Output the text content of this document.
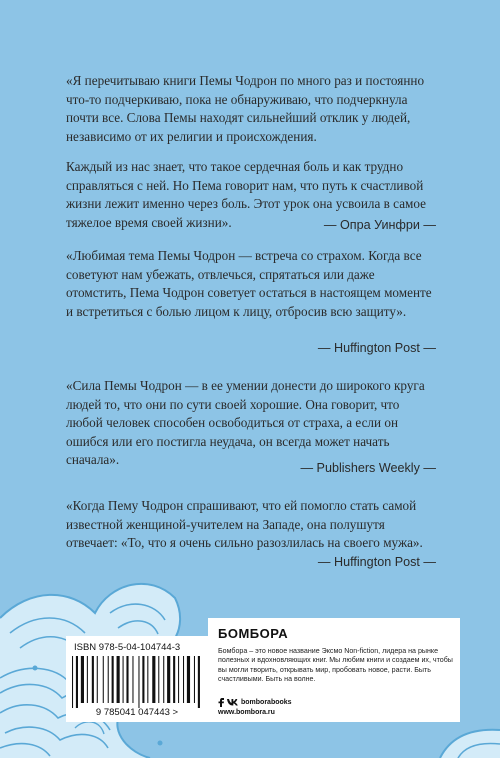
«Я перечитываю книги Пемы Чодрон по много раз и постоянно что-то подчеркиваю, пока не обнаруживаю, что подчеркнула почти все. Слова Пемы находят сильнейший отклик у людей, независимо от их религии и происхождения.

Каждый из нас знает, что такое сердечная боль и как трудно справляться с ней. Но Пема говорит нам, что путь к счастливой жизни лежит именно через боль. Этот урок она усвоила в самое тяжелое время своей жизни».	— Опра Уинфри —

«Любимая тема Пемы Чодрон — встреча со страхом. Когда все советуют нам убежать, отвлечься, спрятаться или даже отомстить, Пема Чодрон советует остаться в настоящем моменте и встретиться с болью лицом к лицу, отбросив всю защиту».

— Huffington Post —

«Сила Пемы Чодрон — в ее умении донести до широкого круга людей то, что они по сути своей хорошие. Она говорит, что любой человек способен освободиться от страха, а если он ошибся или его постигла неудача, он всегда может начать сначала».

— Publishers Weekly —

«Когда Пему Чодрон спрашивают, что ей помогло стать самой известной женщиной-учителем на Западе, она полушутя отвечает: «То, что я очень сильно разозлилась на своего мужа».

— Huffington Post —
ISBN 978-5-04-104744-3
9 785041 047443 >
БОМБОРА
Бомбора – это новое название Эксмо Non-fiction, лидера на рынке полезных и вдохновляющих книг. Мы любим книги и создаем их, чтобы вы могли творить, открывать мир, пробовать новое, расти. Быть счастливыми. Быть на волне.
bomborabooks
www.bombora.ru
